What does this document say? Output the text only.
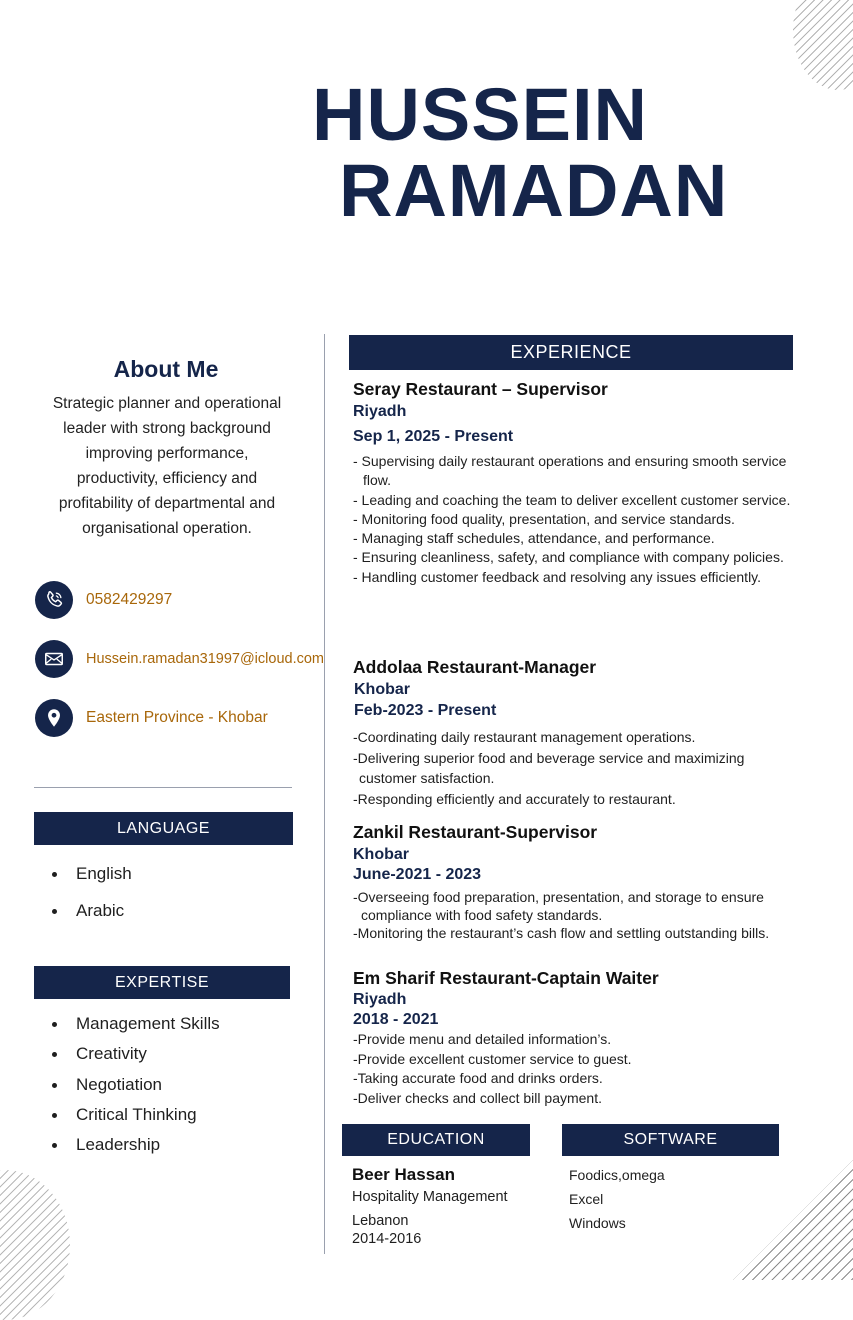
HUSSEIN
RAMADAN
About Me
Strategic planner and operational
leader with strong background
improving performance,
productivity, efficiency and
profitability of departmental and
organisational operation.
0582429297
Hussein.ramadan31997@icloud.com
Eastern Province - Khobar
LANGUAGE
English
Arabic
EXPERTISE
Management Skills
Creativity
Negotiation
Critical Thinking
Leadership
EXPERIENCE
Seray Restaurant – Supervisor
Riyadh
Sep 1, 2025 - Present
- Supervising daily restaurant operations and ensuring smooth service flow.
- Leading and coaching the team to deliver excellent customer service.
- Monitoring food quality, presentation, and service standards.
- Managing staff schedules, attendance, and performance.
- Ensuring cleanliness, safety, and compliance with company policies.
- Handling customer feedback and resolving any issues efficiently.
Addolaa Restaurant-Manager
Khobar
Feb-2023 - Present
-Coordinating daily restaurant management operations.
-Delivering superior food and beverage service and maximizing customer satisfaction.
-Responding efficiently and accurately to restaurant.
Zankil Restaurant-Supervisor
Khobar
June-2021 - 2023
-Overseeing food preparation, presentation, and storage to ensure compliance with food safety standards.
-Monitoring the restaurant’s cash flow and settling outstanding bills.
Em Sharif Restaurant-Captain Waiter
Riyadh
2018 - 2021
-Provide menu and detailed information’s.
-Provide excellent customer service to guest.
-Taking accurate food and drinks orders.
-Deliver checks and collect bill payment.
EDUCATION
Beer Hassan
Hospitality Management
Lebanon
2014-2016
SOFTWARE
Foodics,omega
Excel
Windows
